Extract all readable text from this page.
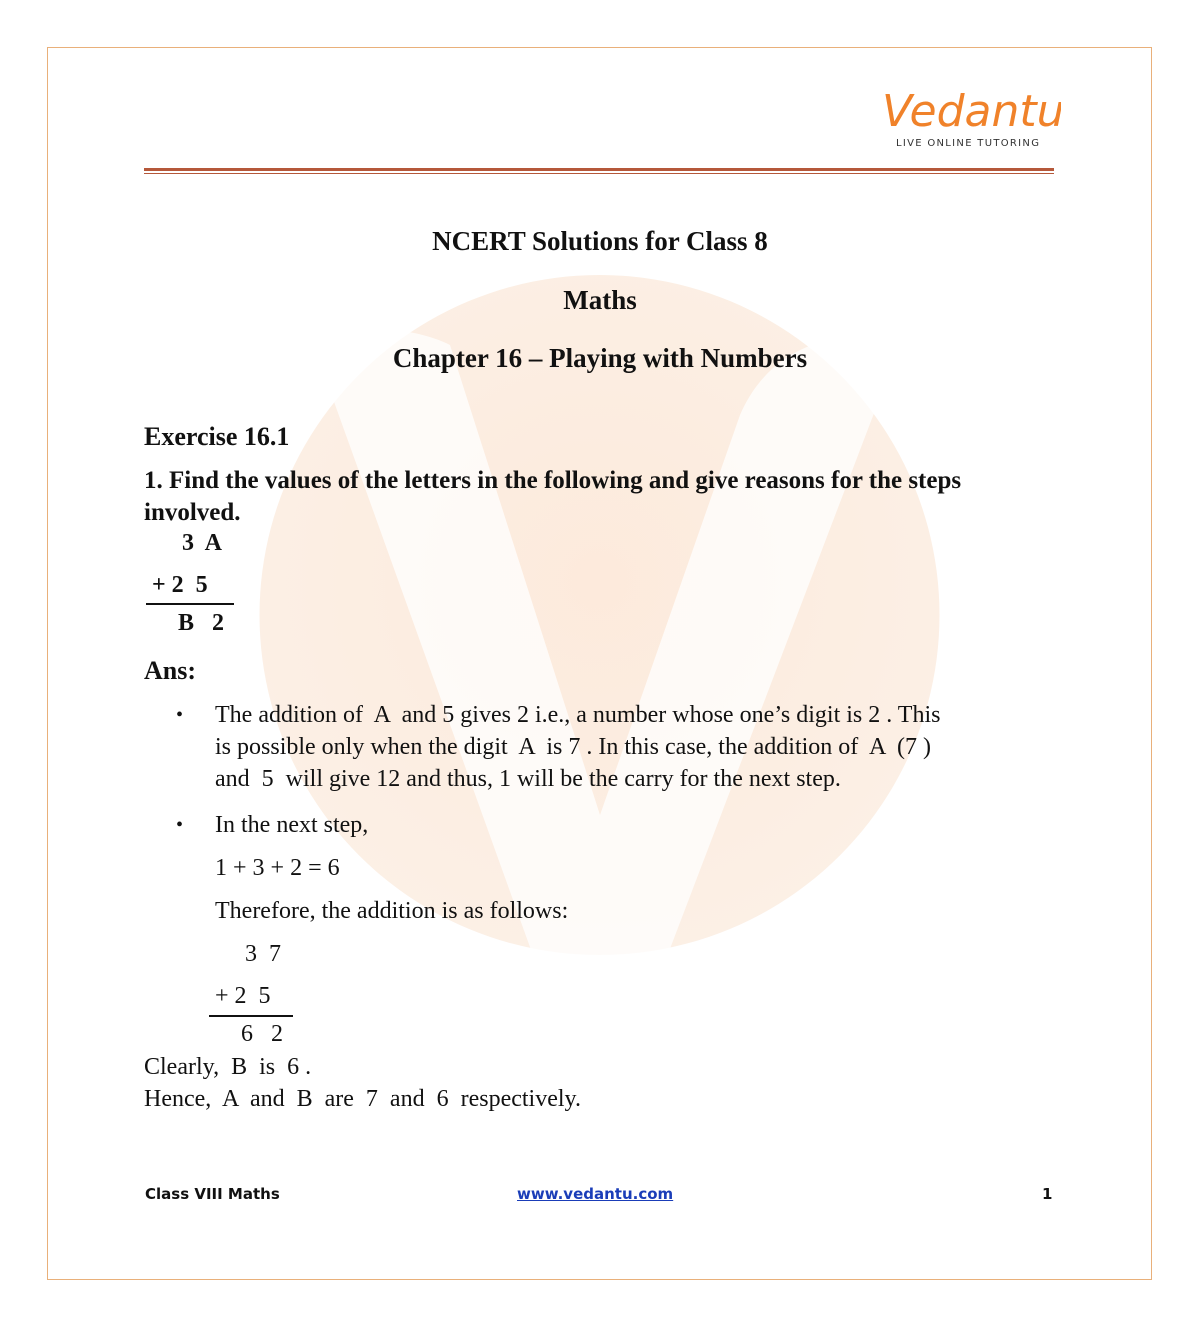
Vedantu
LIVE ONLINE TUTORING
NCERT Solutions for Class 8
Maths
Chapter 16 – Playing with Numbers
Exercise 16.1
1. Find the values of the letters in the following and give reasons for the steps
involved.
3  A
+ 2  5
B   2
Ans:
• The addition of  A  and 5 gives 2 i.e., a number whose one’s digit is 2 . This
is possible only when the digit  A  is 7 . In this case, the addition of  A  (7 )
and  5  will give 12 and thus, 1 will be the carry for the next step.
• In the next step,
1 + 3 + 2 = 6
Therefore, the addition is as follows:
3  7
+ 2  5
6   2
Clearly,  B  is  6 .
Hence,  A  and  B  are  7  and  6  respectively.
Class VIII Maths	www.vedantu.com	1
